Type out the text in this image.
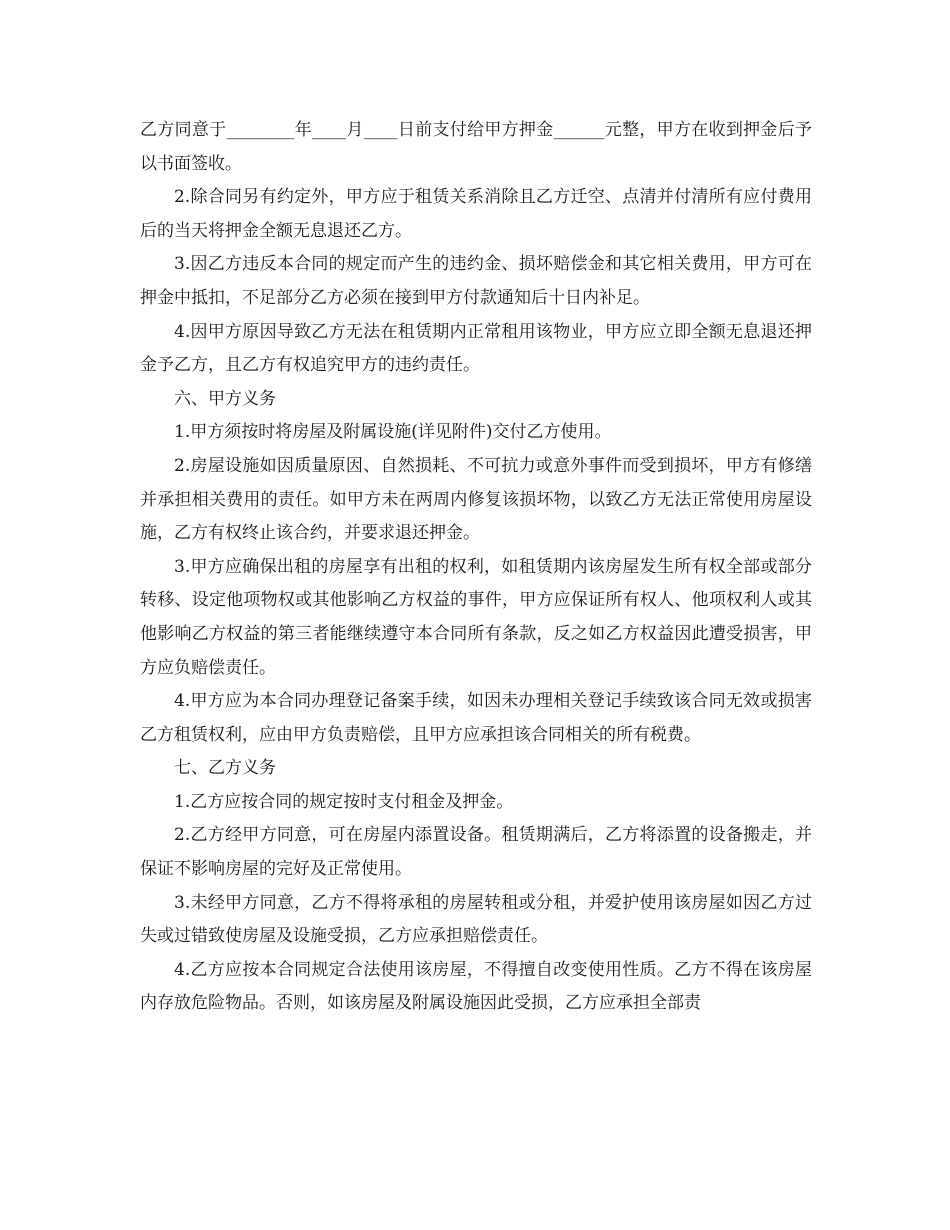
乙方同意于________年____月____日前支付给甲方押金______元整，甲方在收到押金后予以书面签收。

2.除合同另有约定外，甲方应于租赁关系消除且乙方迁空、点清并付清所有应付费用后的当天将押金全额无息退还乙方。

3.因乙方违反本合同的规定而产生的违约金、损坏赔偿金和其它相关费用，甲方可在押金中抵扣，不足部分乙方必须在接到甲方付款通知后十日内补足。

4.因甲方原因导致乙方无法在租赁期内正常租用该物业，甲方应立即全额无息退还押金予乙方，且乙方有权追究甲方的违约责任。

六、甲方义务

1.甲方须按时将房屋及附属设施(详见附件)交付乙方使用。

2.房屋设施如因质量原因、自然损耗、不可抗力或意外事件而受到损坏，甲方有修缮并承担相关费用的责任。如甲方未在两周内修复该损坏物，以致乙方无法正常使用房屋设施，乙方有权终止该合约，并要求退还押金。

3.甲方应确保出租的房屋享有出租的权利，如租赁期内该房屋发生所有权全部或部分转移、设定他项物权或其他影响乙方权益的事件，甲方应保证所有权人、他项权利人或其他影响乙方权益的第三者能继续遵守本合同所有条款，反之如乙方权益因此遭受损害，甲方应负赔偿责任。

4.甲方应为本合同办理登记备案手续，如因未办理相关登记手续致该合同无效或损害乙方租赁权利，应由甲方负责赔偿，且甲方应承担该合同相关的所有税费。

七、乙方义务

1.乙方应按合同的规定按时支付租金及押金。

2.乙方经甲方同意，可在房屋内添置设备。租赁期满后，乙方将添置的设备搬走，并保证不影响房屋的完好及正常使用。

3.未经甲方同意，乙方不得将承租的房屋转租或分租，并爱护使用该房屋如因乙方过失或过错致使房屋及设施受损，乙方应承担赔偿责任。

4.乙方应按本合同规定合法使用该房屋，不得擅自改变使用性质。乙方不得在该房屋内存放危险物品。否则，如该房屋及附属设施因此受损，乙方应承担全部责
